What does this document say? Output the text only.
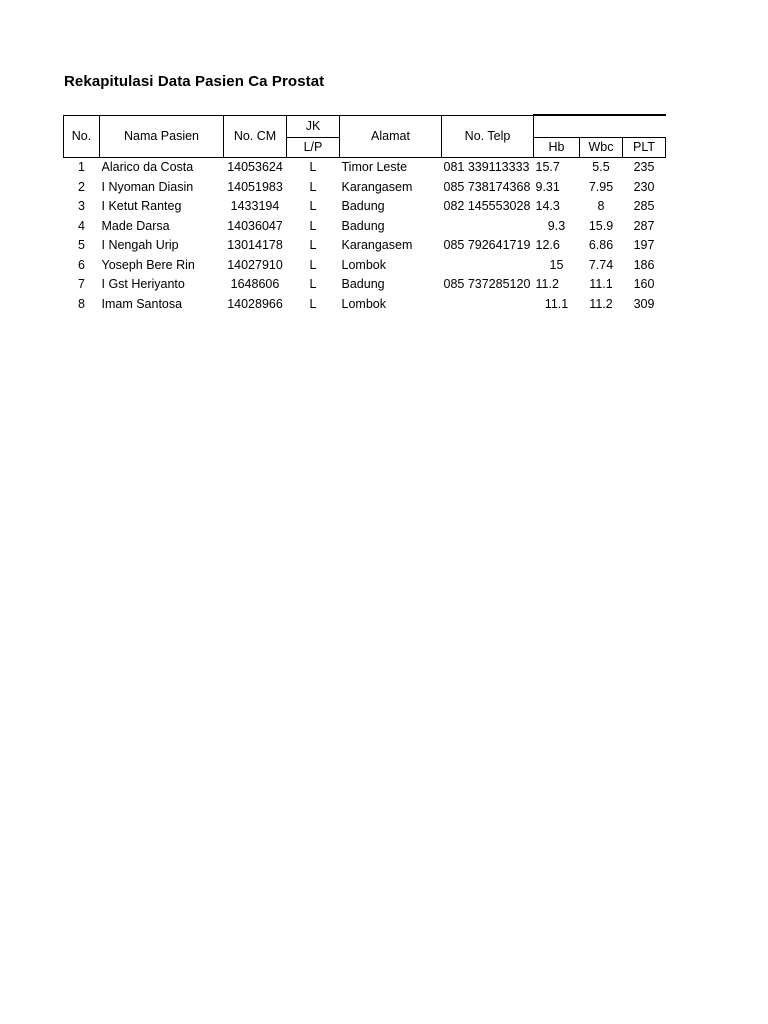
Rekapitulasi Data Pasien Ca Prostat
No.	Nama Pasien	No. CM	JK	Alamat	No. Telp			
			L/P			Hb	Wbc	PLT
1	Alarico da Costa	14053624	L	Timor Leste	081 339113333	15.7	5.5	235
2	I Nyoman Diasin	14051983	L	Karangasem	085 738174368	9.31	7.95	230
3	I Ketut Ranteg	1433194	L	Badung	082 145553028	14.3	8	285
4	Made Darsa	14036047	L	Badung		9.3	15.9	287
5	I Nengah Urip	13014178	L	Karangasem	085 792641719	12.6	6.86	197
6	Yoseph Bere Rin	14027910	L	Lombok		15	7.74	186
7	I Gst Heriyanto	1648606	L	Badung	085 737285120	11.2	11.1	160
8	Imam Santosa	14028966	L	Lombok		11.1	11.2	309
